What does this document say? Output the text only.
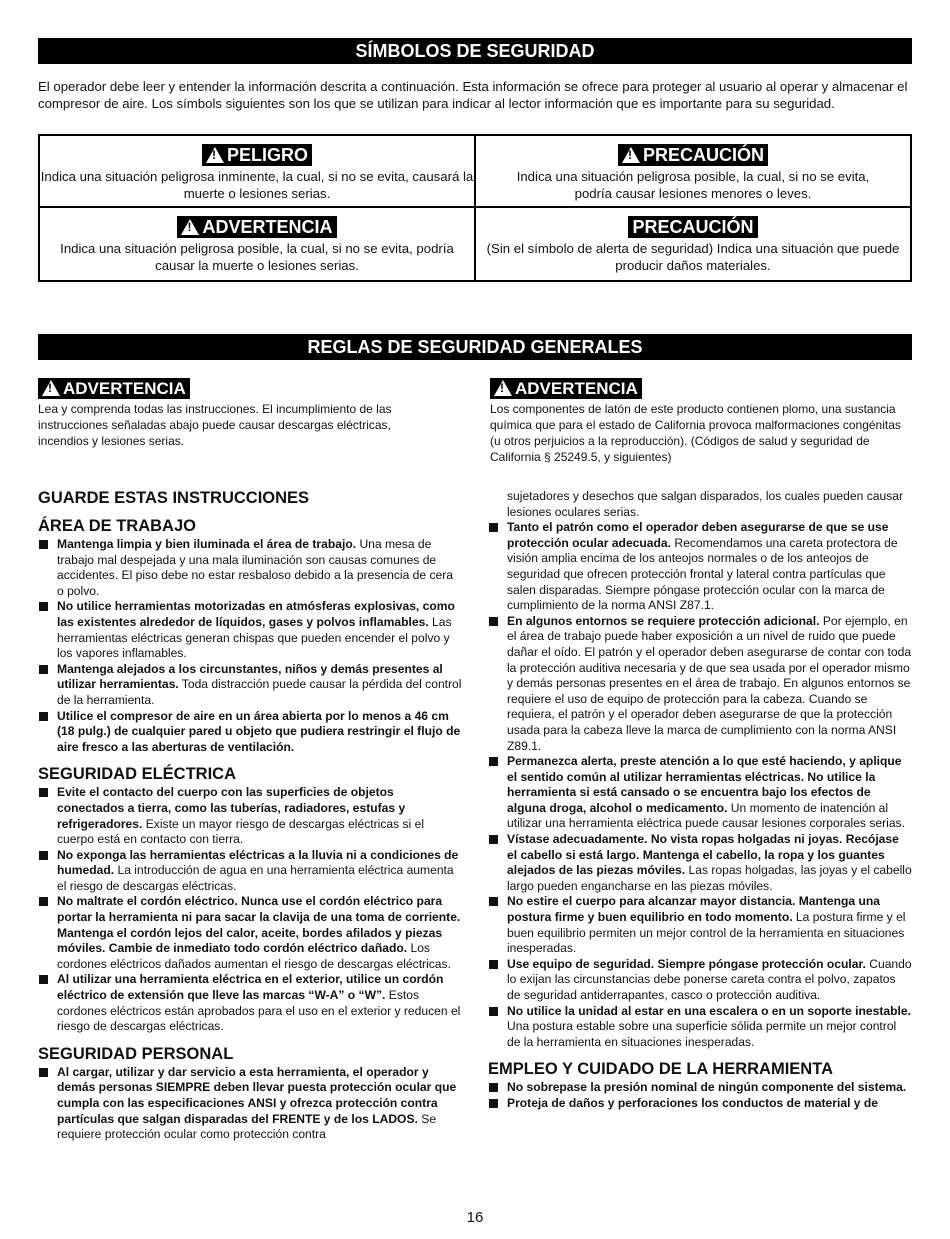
SÍMBOLOS DE SEGURIDAD
El operador debe leer y entender la información descrita a continuación. Esta información se ofrece para proteger al usuario al operar y almacenar el compresor de aire. Los símbols siguientes son los que se utilizan para indicar al lector información que es importante para su seguridad.
!PELIGRO
Indica una situación peligrosa inminente, la cual, si no se evita, causará la muerte o lesiones serias.
!PRECAUCIÓN
Indica una situación peligrosa posible, la cual, si no se evita, podría causar lesiones menores o leves.
!ADVERTENCIA
Indica una situación peligrosa posible, la cual, si no se evita, podría causar la muerte o lesiones serias.
PRECAUCIÓN
(Sin el símbolo de alerta de seguridad) Indica una situación que puede producir daños materiales.
REGLAS DE SEGURIDAD GENERALES
!ADVERTENCIA
Lea y comprenda todas las instrucciones. El incumplimiento de las instrucciones señaladas abajo puede causar descargas eléctricas, incendios y lesiones serias.
!ADVERTENCIA
Los componentes de latón de este producto contienen plomo, una sustancia química que para el estado de California provoca malformaciones congénitas (u otros perjuicios a la reproducción). (Códigos de salud y seguridad de California § 25249.5, y siguientes)
GUARDE ESTAS INSTRUCCIONES
ÁREA DE TRABAJO

Mantenga limpia y bien iluminada el área de trabajo. Una mesa de trabajo mal despejada y una mala iluminación son causas comunes de accidentes. El piso debe no estar resbaloso debido a la presencia de cera o polvo.

No utilice herramientas motorizadas en atmósferas explosivas, como las existentes alrededor de líquidos, gases y polvos inflamables. Las herramientas eléctricas generan chispas que pueden encender el polvo y los vapores inflamables.

Mantenga alejados a los circunstantes, niños y demás presentes al utilizar herramientas. Toda distracción puede causar la pérdida del control de la herramienta.

Utilice el compresor de aire en un área abierta por lo menos a 46 cm (18 pulg.) de cualquier pared u objeto que pudiera restringir el flujo de aire fresco a las aberturas de ventilación.

SEGURIDAD ELÉCTRICA

Evite el contacto del cuerpo con las superficies de objetos conectados a tierra, como las tuberías, radiadores, estufas y refrigeradores. Existe un mayor riesgo de descargas eléctricas si el cuerpo está en contacto con tierra.

No exponga las herramientas eléctricas a la lluvia ni a condiciones de humedad. La introducción de agua en una herramienta eléctrica aumenta el riesgo de descargas eléctricas.

No maltrate el cordón eléctrico. Nunca use el cordón eléctrico para portar la herramienta ni para sacar la clavija de una toma de corriente. Mantenga el cordón lejos del calor, aceite, bordes afilados y piezas móviles. Cambie de inmediato todo cordón eléctrico dañado. Los cordones eléctricos dañados aumentan el riesgo de descargas eléctricas.

Al utilizar una herramienta eléctrica en el exterior, utilice un cordón eléctrico de extensión que lleve las marcas “W-A” o “W”. Estos cordones eléctricos están aprobados para el uso en el exterior y reducen el riesgo de descargas eléctricas.

SEGURIDAD PERSONAL

Al cargar, utilizar y dar servicio a esta herramienta, el operador y demás personas SIEMPRE deben llevar puesta protección ocular que cumpla con las especificaciones ANSI y ofrezca protección contra partículas que salgan disparadas del FRENTE y de los LADOS. Se requiere protección ocular como protección contra

sujetadores y desechos que salgan disparados, los cuales pueden causar lesiones oculares serias.

Tanto el patrón como el operador deben asegurarse de que se use protección ocular adecuada. Recomendamos una careta protectora de visión amplia encima de los anteojos normales o de los anteojos de seguridad que ofrecen protección frontal y lateral contra partículas que salen disparadas. Siempre póngase protección ocular con la marca de cumplimiento de la norma ANSI Z87.1.

En algunos entornos se requiere protección adicional. Por ejemplo, en el área de trabajo puede haber exposición a un nivel de ruido que puede dañar el oído. El patrón y el operador deben asegurarse de contar con toda la protección auditiva necesaria y de que sea usada por el operador mismo y demás personas presentes en el área de trabajo. En algunos entornos se requiere el uso de equipo de protección para la cabeza. Cuando se requiera, el patrón y el operador deben asegurarse de que la protección usada para la cabeza lleve la marca de cumplimiento con la norma ANSI Z89.1.

Permanezca alerta, preste atención a lo que esté haciendo, y aplique el sentido común al utilizar herramientas eléctricas. No utilice la herramienta si está cansado o se encuentra bajo los efectos de alguna droga, alcohol o medicamento. Un momento de inatención al utilizar una herramienta eléctrica puede causar lesiones corporales serias.

Vístase adecuadamente. No vista ropas holgadas ni joyas. Recójase el cabello si está largo. Mantenga el cabello, la ropa y los guantes alejados de las piezas móviles. Las ropas holgadas, las joyas y el cabello largo pueden engancharse en las piezas móviles.

No estire el cuerpo para alcanzar mayor distancia. Mantenga una postura firme y buen equilibrio en todo momento. La postura firme y el buen equilibrio permiten un mejor control de la herramienta en situaciones inesperadas.

Use equipo de seguridad. Siempre póngase protección ocular. Cuando lo exijan las circunstancias debe ponerse careta contra el polvo, zapatos de seguridad antiderrapantes, casco o protección auditiva.

No utilice la unidad al estar en una escalera o en un soporte inestable. Una postura estable sobre una superficie sólida permite un mejor control de la herramienta en situaciones inesperadas.

EMPLEO Y CUIDADO DE LA HERRAMIENTA

No sobrepase la presión nominal de ningún componente del sistema.

Proteja de daños y perforaciones los conductos de material y de

16
